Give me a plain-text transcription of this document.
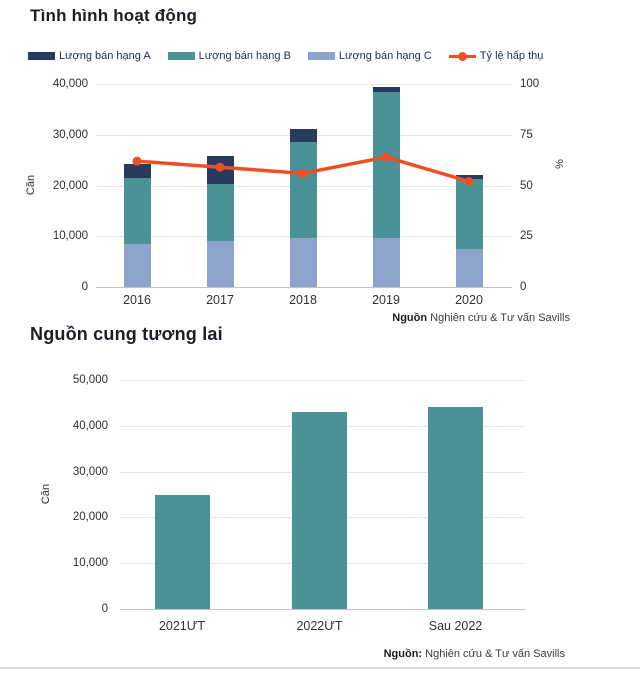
Tình hình hoạt động
Lượng bán hạng A	Lượng bán hạng B	Lượng bán hạng C	Tỷ lệ hấp thụ
Căn
%
Nguồn Nghiên cứu & Tư vấn Savills
Nguồn cung tương lai
Căn
Nguồn: Nghiên cứu & Tư vấn Savills
40,000	100
30,000	75
20,000	50
10,000	25
0	0
2016	2017	2018	2019	2020
50,000
40,000
30,000
20,000
10,000
0
2021ƯT	2022ƯT	Sau 2022
